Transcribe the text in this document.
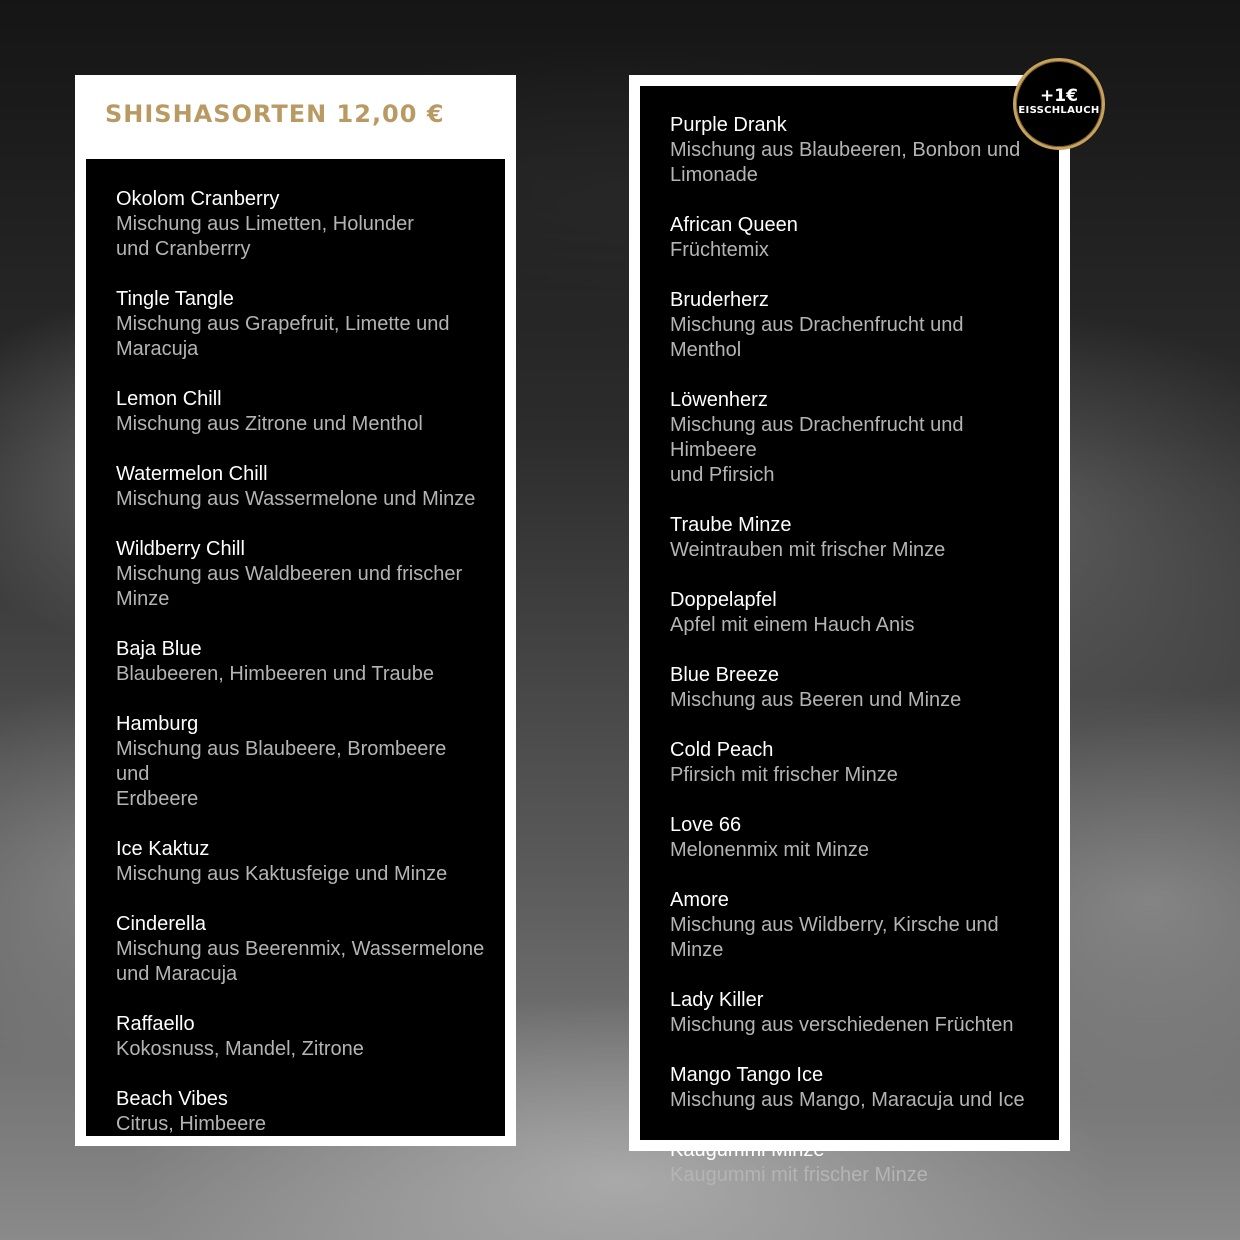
SHISHASORTEN 12,00 €
Okolom Cranberry
Mischung aus Limetten, Holunder
und Cranberrry
Tingle Tangle
Mischung aus Grapefruit, Limette und
Maracuja
Lemon Chill
Mischung aus Zitrone und Menthol
Watermelon Chill
Mischung aus Wassermelone und Minze
Wildberry Chill
Mischung aus Waldbeeren und frischer Minze
Baja Blue
Blaubeeren, Himbeeren und Traube
Hamburg
Mischung aus Blaubeere, Brombeere und
Erdbeere
Ice Kaktuz
Mischung aus Kaktusfeige und Minze
Cinderella
Mischung aus Beerenmix, Wassermelone
und Maracuja
Raffaello
Kokosnuss, Mandel, Zitrone
Beach Vibes
Citrus, Himbeere
Purple Drank
Mischung aus Blaubeeren, Bonbon und
Limonade
African Queen
Früchtemix
Bruderherz
Mischung aus Drachenfrucht und Menthol
Löwenherz
Mischung aus Drachenfrucht und Himbeere
und Pfirsich
Traube Minze
Weintrauben mit frischer Minze
Doppelapfel
Apfel mit einem Hauch Anis
Blue Breeze
Mischung aus Beeren und Minze
Cold Peach
Pfirsich mit frischer Minze
Love 66
Melonenmix mit Minze
Amore
Mischung aus Wildberry, Kirsche und Minze
Lady Killer
Mischung aus verschiedenen Früchten
Mango Tango Ice
Mischung aus Mango, Maracuja und Ice
Kaugummi Minze
Kaugummi mit frischer Minze
+1€
EISSCHLAUCH
